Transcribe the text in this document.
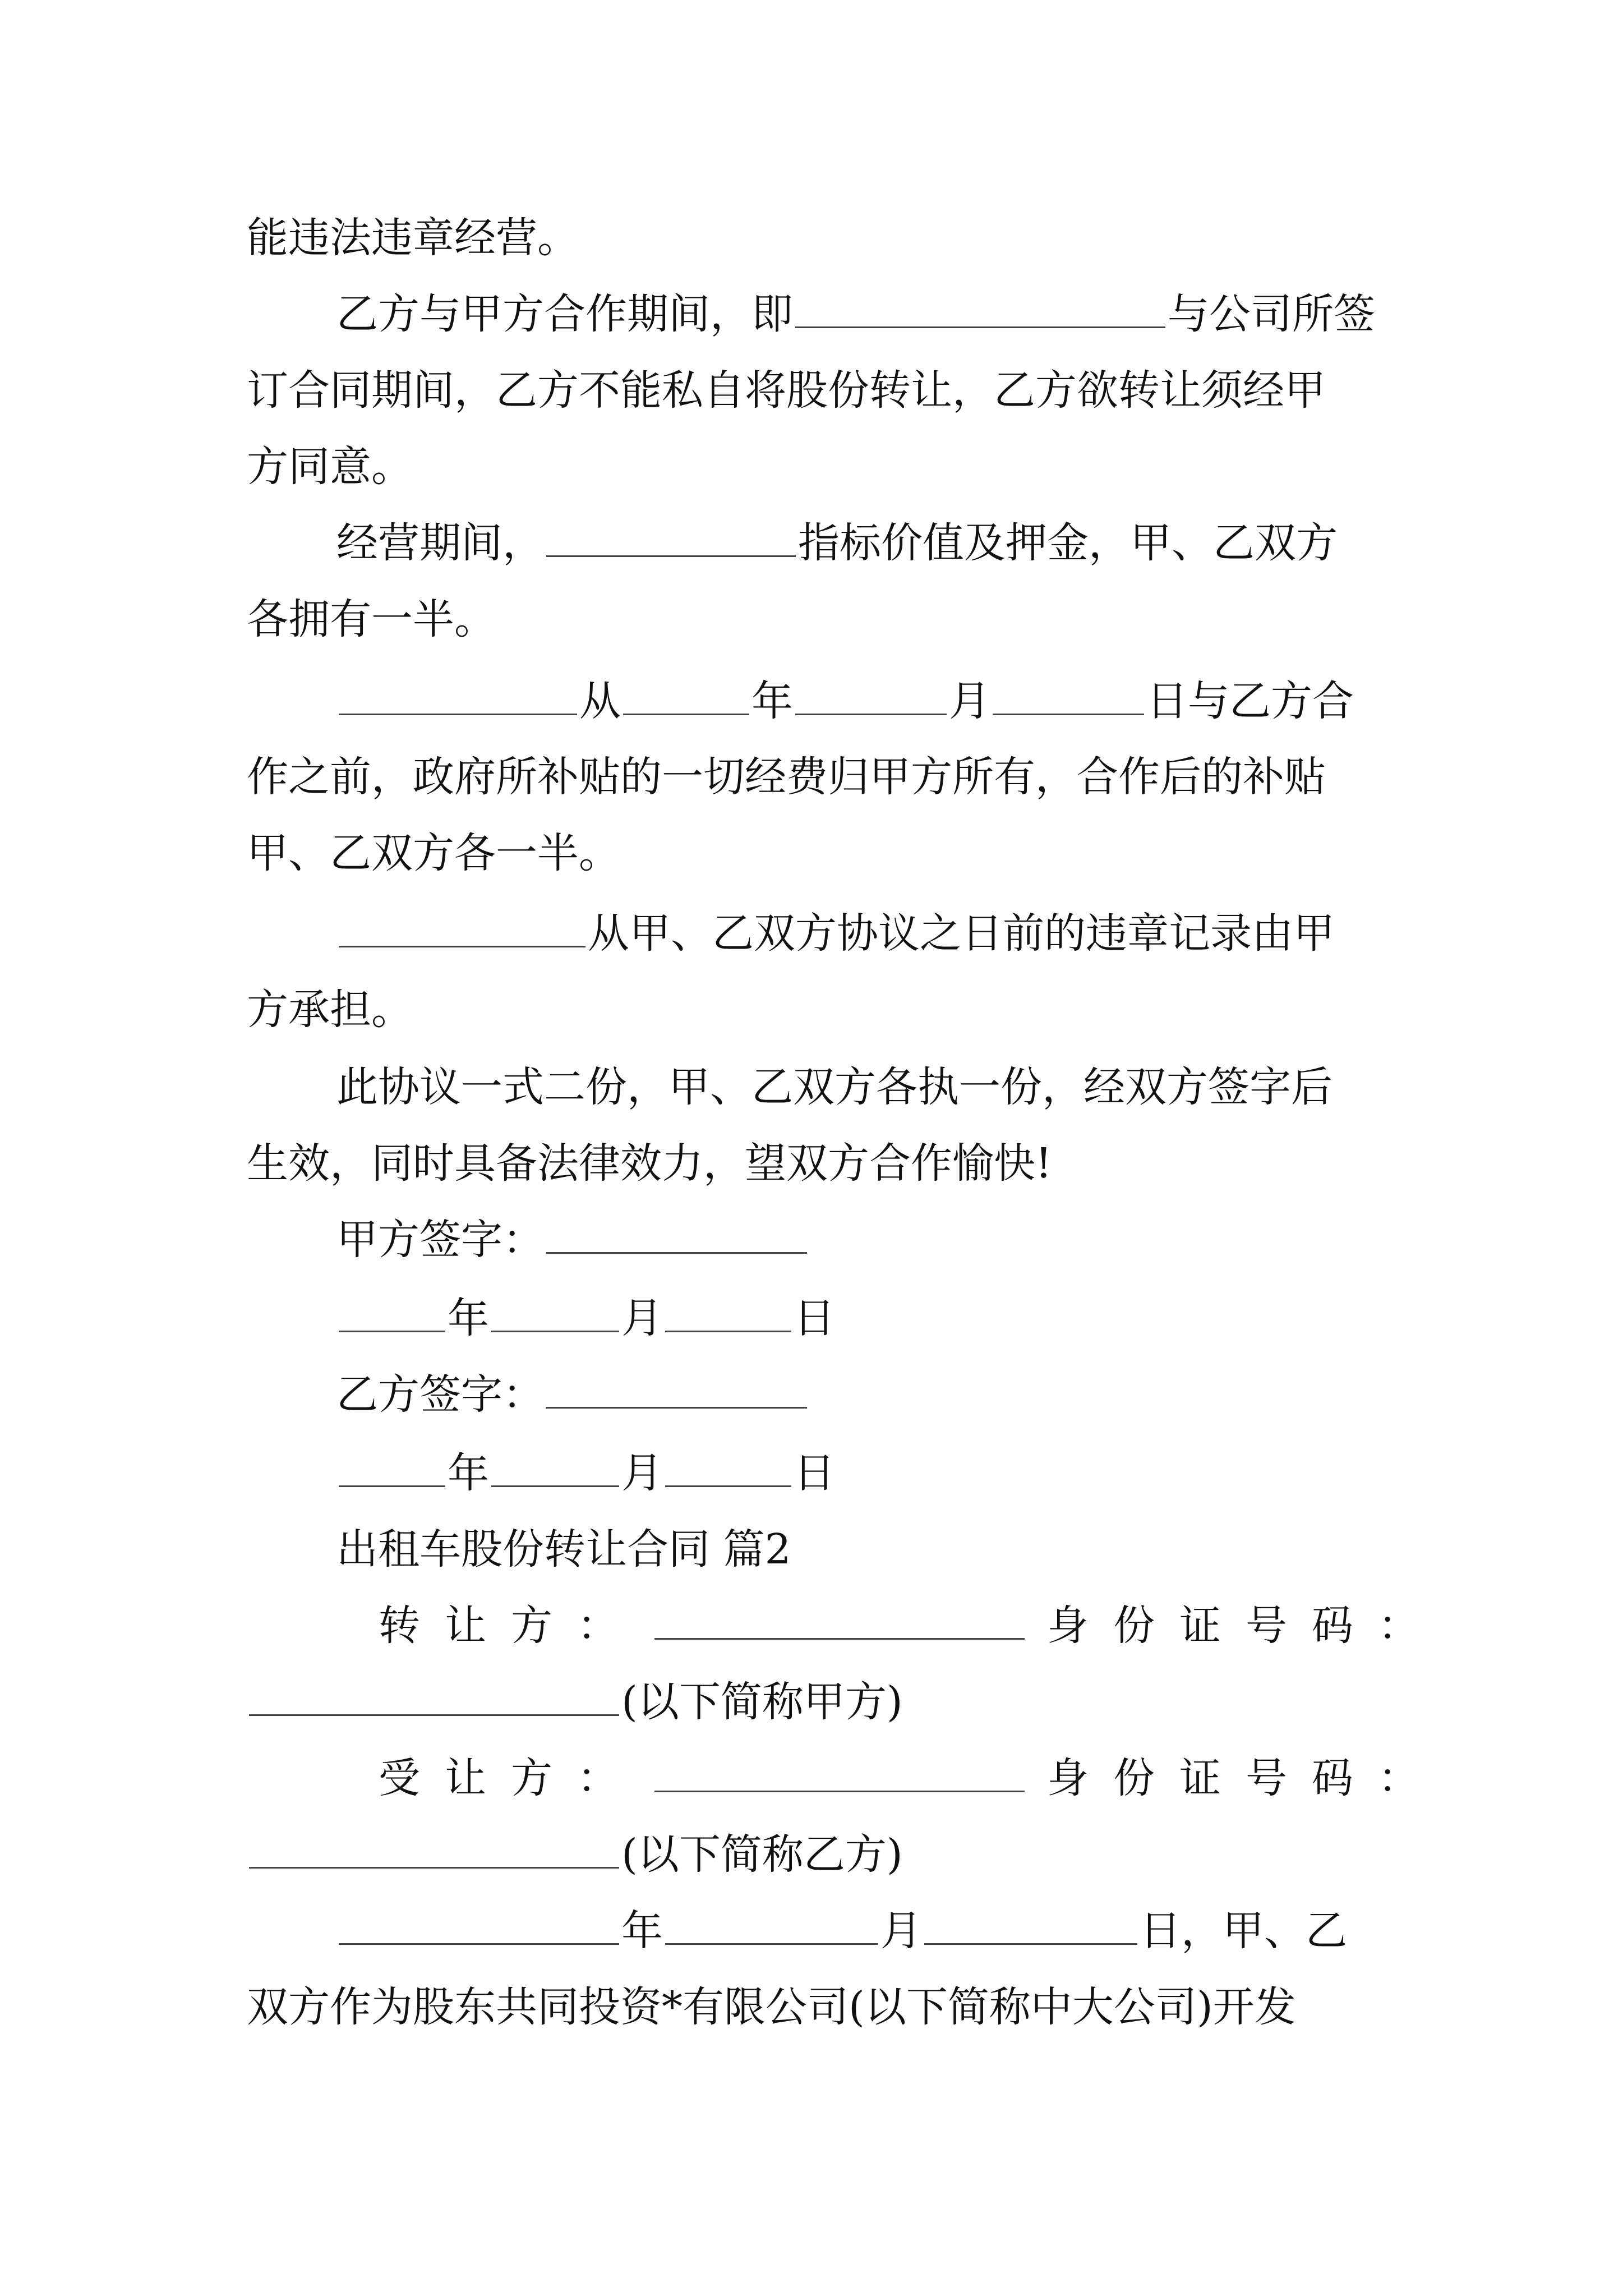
能违法违章经营。
乙方与甲方合作期间，即	与公司所签
订合同期间，乙方不能私自将股份转让，乙方欲转让须经甲
方同意。
经营期间，	指标价值及押金，甲、乙双方
各拥有一半。
从	年	月	日与乙方合
作之前，政府所补贴的一切经费归甲方所有，合作后的补贴
甲、乙双方各一半。
从甲、乙双方协议之日前的违章记录由甲
方承担。
此协议一式二份，甲、乙双方各执一份，经双方签字后
生效，同时具备法律效力，望双方合作愉快!
甲方签字：
年	月	日
乙方签字：
年	月	日
出租车股份转让合同 篇2
转让方：	身份证号码：
(以下简称甲方)
受让方：	身份证号码：
(以下简称乙方)
年	月	日，甲、乙
双方作为股东共同投资*有限公司(以下简称中大公司)开发
